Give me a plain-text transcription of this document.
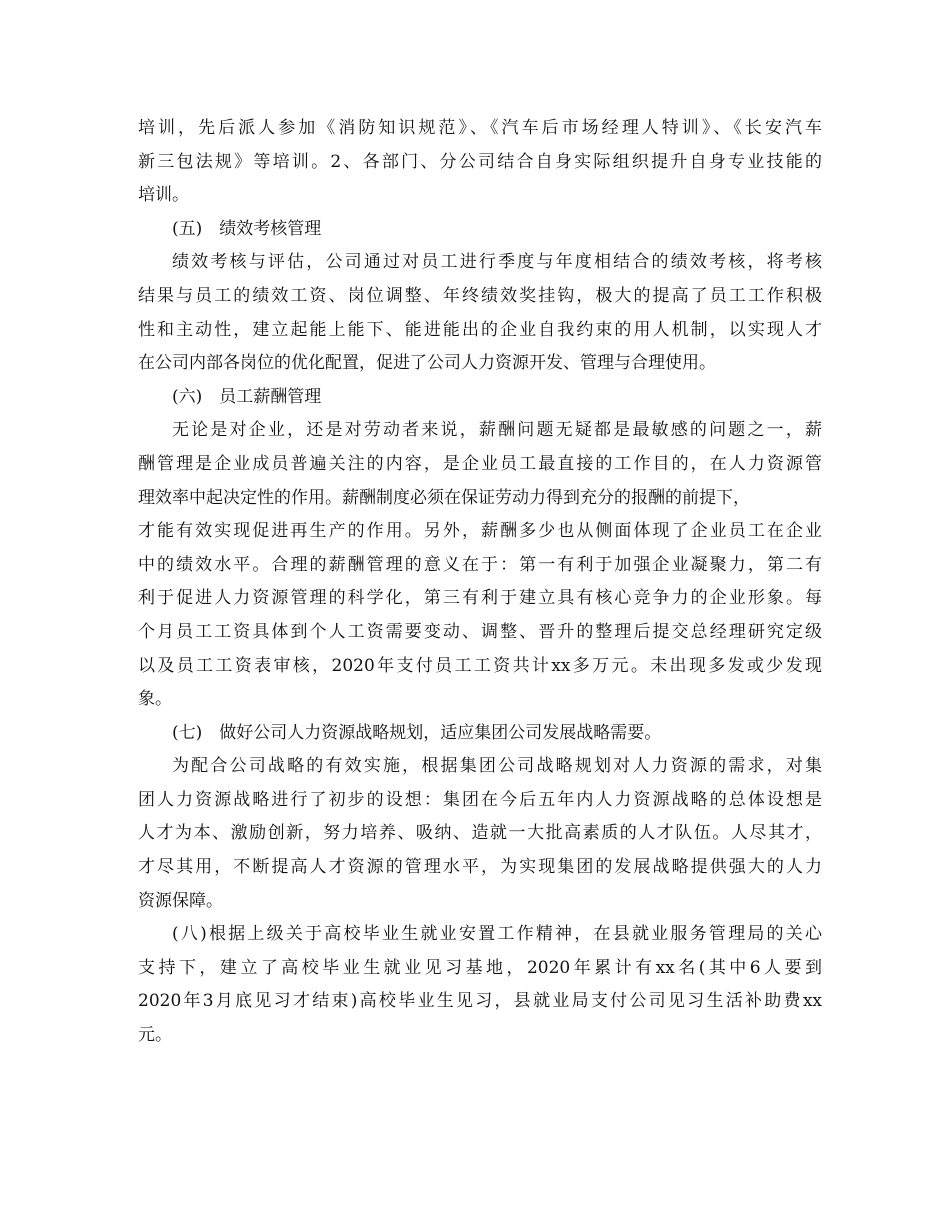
培训，先后派人参加《消防知识规范》、《汽车后市场经理人特训》、《长安汽车
新三包法规》等培训。2、各部门、分公司结合自身实际组织提升自身专业技能的
培训。
(五)　绩效考核管理
绩效考核与评估，公司通过对员工进行季度与年度相结合的绩效考核，将考核
结果与员工的绩效工资、岗位调整、年终绩效奖挂钩，极大的提高了员工工作积极
性和主动性，建立起能上能下、能进能出的企业自我约束的用人机制，以实现人才
在公司内部各岗位的优化配置，促进了公司人力资源开发、管理与合理使用。
(六)　员工薪酬管理
无论是对企业，还是对劳动者来说，薪酬问题无疑都是最敏感的问题之一，薪
酬管理是企业成员普遍关注的内容，是企业员工最直接的工作目的，在人力资源管
理效率中起决定性的作用。薪酬制度必须在保证劳动力得到充分的报酬的前提下，
才能有效实现促进再生产的作用。另外，薪酬多少也从侧面体现了企业员工在企业
中的绩效水平。合理的薪酬管理的意义在于：第一有利于加强企业凝聚力，第二有
利于促进人力资源管理的科学化，第三有利于建立具有核心竞争力的企业形象。每
个月员工工资具体到个人工资需要变动、调整、晋升的整理后提交总经理研究定级
以及员工工资表审核，2020年支付员工工资共计xx多万元。未出现多发或少发现
象。
(七)　做好公司人力资源战略规划，适应集团公司发展战略需要。
为配合公司战略的有效实施，根据集团公司战略规划对人力资源的需求，对集
团人力资源战略进行了初步的设想：集团在今后五年内人力资源战略的总体设想是
人才为本、激励创新，努力培养、吸纳、造就一大批高素质的人才队伍。人尽其才，
才尽其用，不断提高人才资源的管理水平，为实现集团的发展战略提供强大的人力
资源保障。
(八)根据上级关于高校毕业生就业安置工作精神，在县就业服务管理局的关心
支持下，建立了高校毕业生就业见习基地，2020年累计有xx名(其中6人要到
2020年3月底见习才结束)高校毕业生见习，县就业局支付公司见习生活补助费xx
元。
